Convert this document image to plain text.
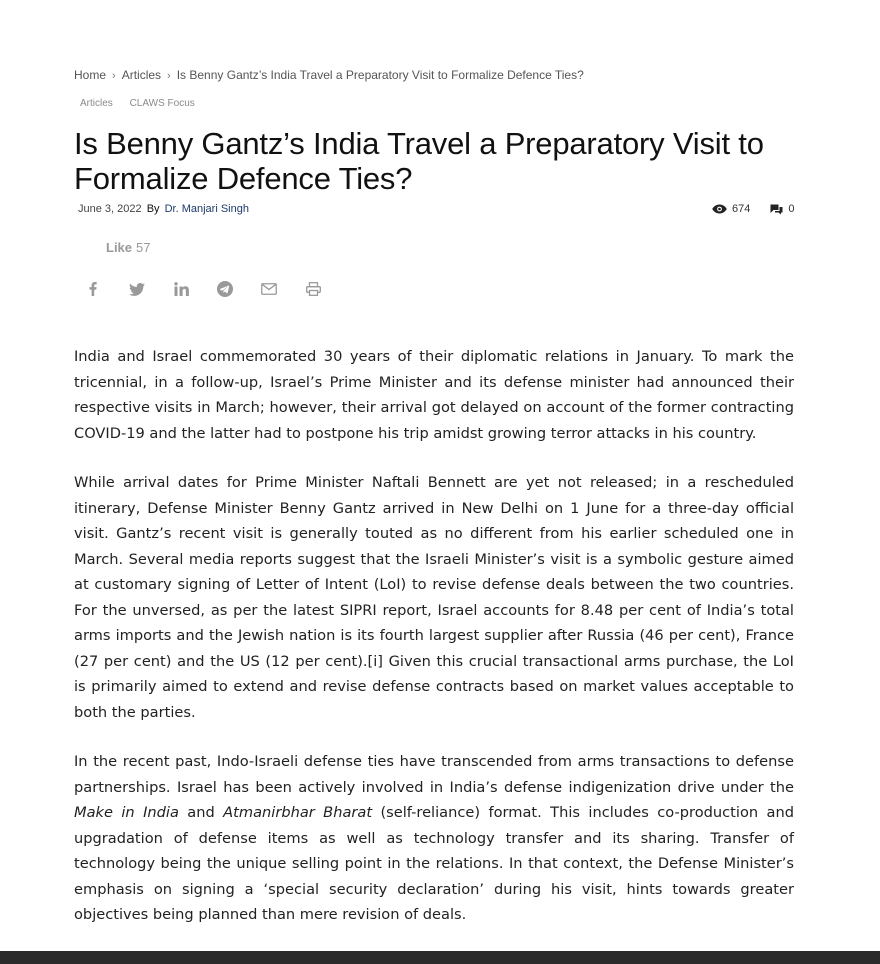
Home › Articles › Is Benny Gantz’s India Travel a Preparatory Visit to Formalize Defence Ties?
Articles CLAWS Focus
Is Benny Gantz’s India Travel a Preparatory Visit to Formalize Defence Ties?
June 3, 2022 By Dr. Manjari Singh	674	0
Like 57

India and Israel commemorated 30 years of their diplomatic relations in January. To mark the tricennial, in a follow-up, Israel’s Prime Minister and its defense minister had announced their respective visits in March; however, their arrival got delayed on account of the former contracting COVID-19 and the latter had to postpone his trip amidst growing terror attacks in his country.

While arrival dates for Prime Minister Naftali Bennett are yet not released; in a rescheduled itinerary, Defense Minister Benny Gantz arrived in New Delhi on 1 June for a three-day official visit. Gantz’s recent visit is generally touted as no different from his earlier scheduled one in March. Several media reports suggest that the Israeli Minister’s visit is a symbolic gesture aimed at customary signing of Letter of Intent (LoI) to revise defense deals between the two countries. For the unversed, as per the latest SIPRI report, Israel accounts for 8.48 per cent of India’s total arms imports and the Jewish nation is its fourth largest supplier after Russia (46 per cent), France (27 per cent) and the US (12 per cent).[i] Given this crucial transactional arms purchase, the LoI is primarily aimed to extend and revise defense contracts based on market values acceptable to both the parties.

In the recent past, Indo-Israeli defense ties have transcended from arms transactions to defense partnerships. Israel has been actively involved in India’s defense indigenization drive under the Make in India and Atmanirbhar Bharat (self-reliance) format. This includes co-production and upgradation of defense items as well as technology transfer and its sharing. Transfer of technology being the unique selling point in the relations. In that context, the Defense Minister’s emphasis on signing a ‘special security declaration’ during his visit, hints towards greater objectives being planned than mere revision of deals.
